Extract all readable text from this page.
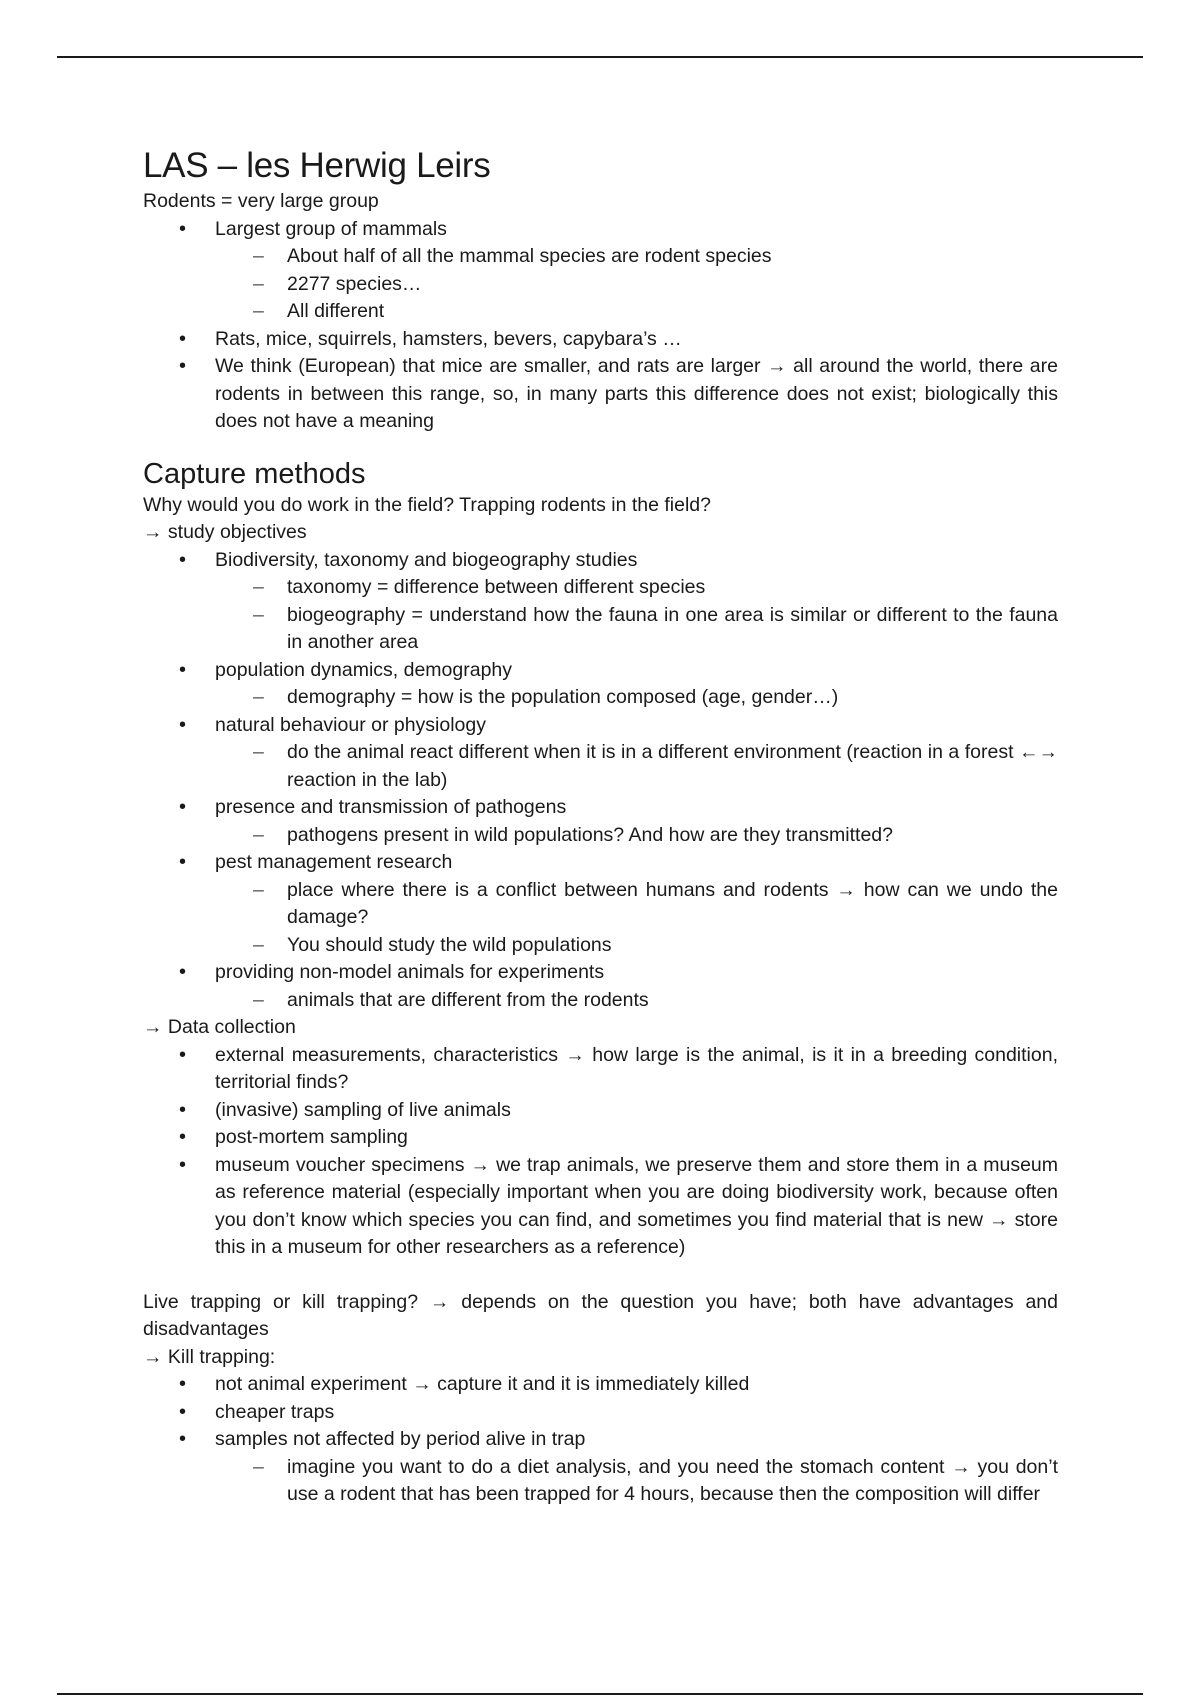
LAS – les Herwig Leirs

Rodents = very large group

• Largest group of mammals
– About half of all the mammal species are rodent species
– 2277 species…
– All different
• Rats, mice, squirrels, hamsters, bevers, capybara’s …
• We think (European) that mice are smaller, and rats are larger → all around the world, there are rodents in between this range, so, in many parts this difference does not exist; biologically this does not have a meaning
Capture methods

Why would you do work in the field? Trapping rodents in the field?

→ study objectives

• Biodiversity, taxonomy and biogeography studies
– taxonomy = difference between different species
– biogeography = understand how the fauna in one area is similar or different to the fauna in another area
• population dynamics, demography
– demography = how is the population composed (age, gender…)
• natural behaviour or physiology
– do the animal react different when it is in a different environment (reaction in a forest ←→ reaction in the lab)
• presence and transmission of pathogens
– pathogens present in wild populations? And how are they transmitted?
• pest management research
– place where there is a conflict between humans and rodents → how can we undo the damage?
– You should study the wild populations
• providing non-model animals for experiments
– animals that are different from the rodents

→ Data collection

• external measurements, characteristics → how large is the animal, is it in a breeding condition, territorial finds?
• (invasive) sampling of live animals
• post-mortem sampling
• museum voucher specimens → we trap animals, we preserve them and store them in a museum as reference material (especially important when you are doing biodiversity work, because often you don’t know which species you can find, and sometimes you find material that is new → store this in a museum for other researchers as a reference)

Live trapping or kill trapping? → depends on the question you have; both have advantages and disadvantages

→ Kill trapping:

• not animal experiment → capture it and it is immediately killed
• cheaper traps
• samples not affected by period alive in trap
– imagine you want to do a diet analysis, and you need the stomach content → you don’t use a rodent that has been trapped for 4 hours, because then the composition will differ
